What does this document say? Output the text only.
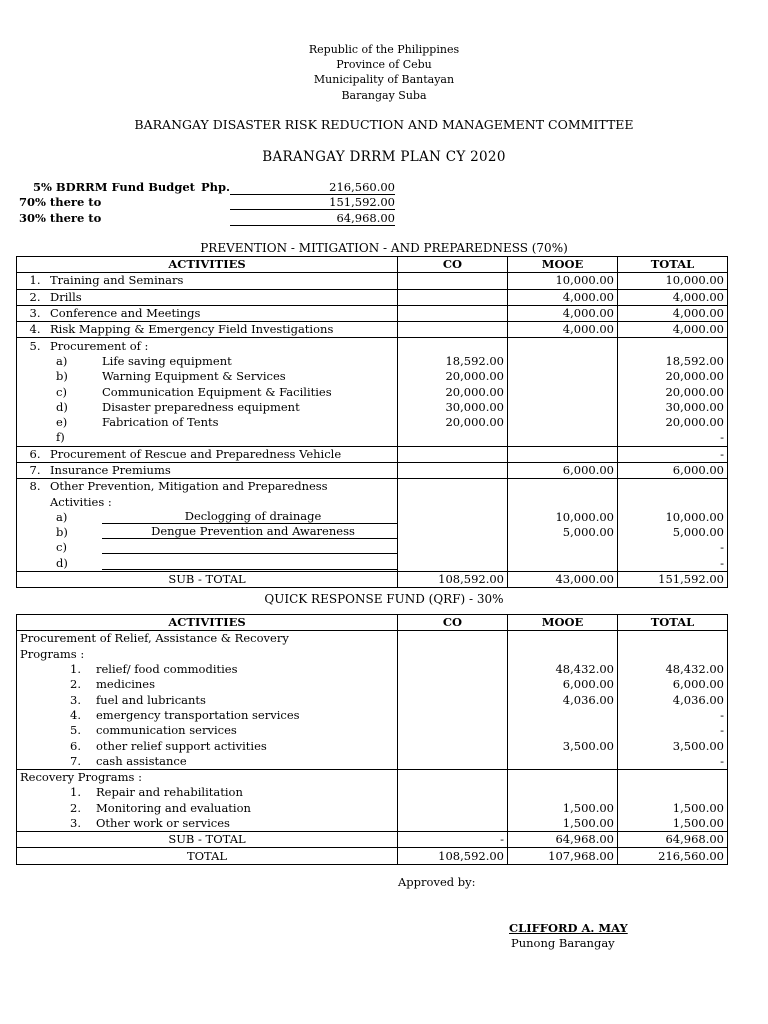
Republic of the Philippines
Province of Cebu
Municipality of Bantayan
Barangay Suba
BARANGAY DISASTER RISK REDUCTION AND MANAGEMENT COMMITTEE
BARANGAY DRRM PLAN CY 2020
5% BDRRM Fund Budget Php.	216,560.00
70% there to	151,592.00
30% there to	64,968.00
PREVENTION - MITIGATION - AND PREPAREDNESS (70%)
ACTIVITIES	CO	MOOE	TOTAL
1. Training and Seminars		10,000.00	10,000.00
2. Drills		4,000.00	4,000.00
3. Conference and Meetings		4,000.00	4,000.00
4. Risk Mapping & Emergency Field Investigations		4,000.00	4,000.00
5. Procurement of :			
a) Life saving equipment	18,592.00		18,592.00
b) Warning Equipment & Services	20,000.00		20,000.00
c) Communication Equipment & Facilities	20,000.00		20,000.00
d) Disaster preparedness equipment	30,000.00		30,000.00
e) Fabrication of Tents	20,000.00		20,000.00
f)			-
6. Procurement of Rescue and Preparedness Vehicle			-
7. Insurance Premiums		6,000.00	6,000.00
8. Other Prevention, Mitigation and Preparedness			
Activities :			
a) Declogging of drainage		10,000.00	10,000.00
b) Dengue Prevention and Awareness		5,000.00	5,000.00
c)			-
d)			-
SUB - TOTAL	108,592.00	43,000.00	151,592.00
QUICK RESPONSE FUND (QRF) - 30%
ACTIVITIES	CO	MOOE	TOTAL
Procurement of Relief, Assistance & Recovery			
Programs :			
1. relief/ food commodities		48,432.00	48,432.00
2. medicines		6,000.00	6,000.00
3. fuel and lubricants		4,036.00	4,036.00
4. emergency transportation services			-
5. communication services			-
6. other relief support activities		3,500.00	3,500.00
7. cash assistance			-
Recovery Programs :			
1. Repair and rehabilitation			
2. Monitoring and evaluation		1,500.00	1,500.00
3. Other work or services		1,500.00	1,500.00
SUB - TOTAL	-	64,968.00	64,968.00
TOTAL	108,592.00	107,968.00	216,560.00
Approved by:
CLIFFORD A. MAY
Punong Barangay
